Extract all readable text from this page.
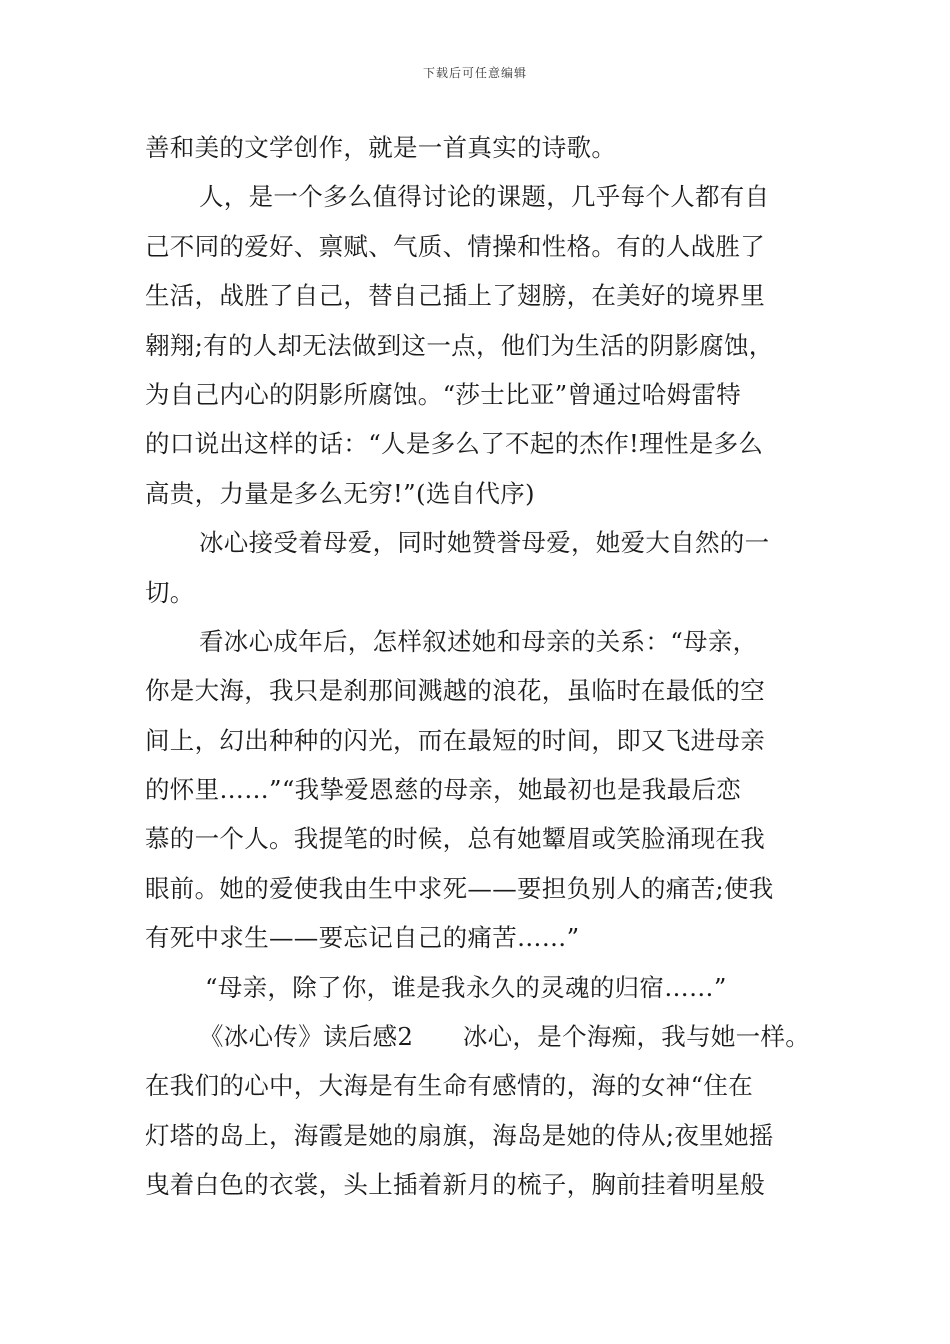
下载后可任意编辑
善和美的文学创作，就是一首真实的诗歌。
人，是一个多么值得讨论的课题，几乎每个人都有自
己不同的爱好、禀赋、气质、情操和性格。有的人战胜了
生活，战胜了自己，替自己插上了翅膀，在美好的境界里
翱翔;有的人却无法做到这一点，他们为生活的阴影腐蚀，
为自己内心的阴影所腐蚀。“莎士比亚”曾通过哈姆雷特
的口说出这样的话：“人是多么了不起的杰作!理性是多么
高贵，力量是多么无穷!”(选自代序)
冰心接受着母爱，同时她赞誉母爱，她爱大自然的一
切。
看冰心成年后，怎样叙述她和母亲的关系：“母亲，
你是大海，我只是刹那间溅越的浪花，虽临时在最低的空
间上，幻出种种的闪光，而在最短的时间，即又飞进母亲
的怀里……”“我挚爱恩慈的母亲，她最初也是我最后恋
慕的一个人。我提笔的时候，总有她颦眉或笑脸涌现在我
眼前。她的爱使我由生中求死——要担负别人的痛苦;使我
有死中求生——要忘记自己的痛苦……”
“母亲，除了你，谁是我永久的灵魂的归宿……”
《冰心传》读后感2　　冰心，是个海痴，我与她一样。
在我们的心中，大海是有生命有感情的，海的女神“住在
灯塔的岛上，海霞是她的扇旗，海岛是她的侍从;夜里她摇
曳着白色的衣裳，头上插着新月的梳子，胸前挂着明星般
